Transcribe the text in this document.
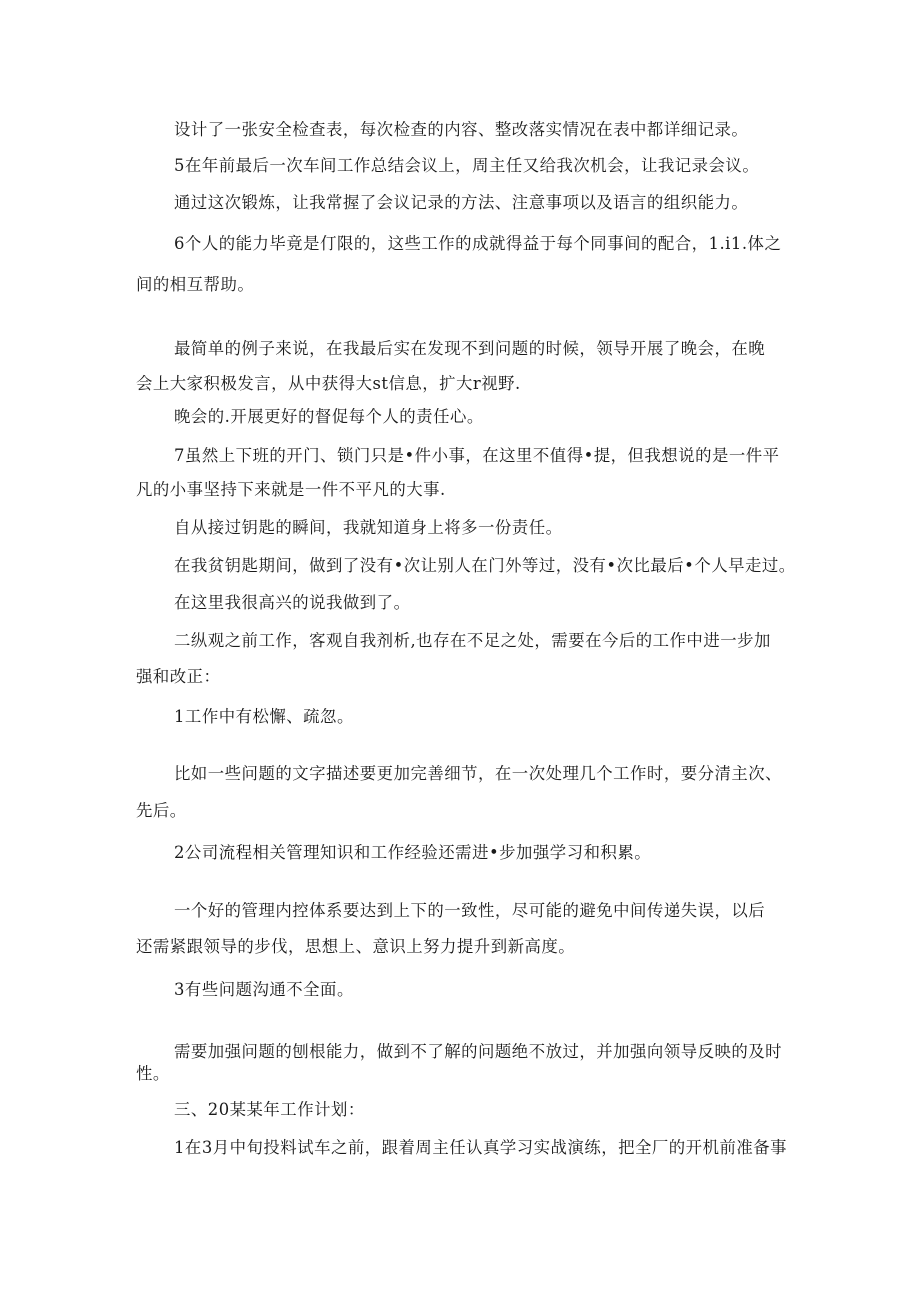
设计了一张安全检查表，每次检查的内容、整改落实情况在表中都详细记录。
5在年前最后一次车间工作总结会议上，周主任又给我次机会，让我记录会议。
通过这次锻炼，让我常握了会议记录的方法、注意事项以及语言的组织能力。
6个人的能力毕竟是仃限的，这些工作的成就得益于每个同事间的配合，1.i1.体之
间的相互帮助。
最简单的例子来说，在我最后实在发现不到问题的时候，领导开展了晚会，在晚
会上大家积极发言，从中获得大st信息，扩大r视野.
晚会的.开展更好的督促每个人的责任心。
7虽然上下班的开门、锁门只是•件小事，在这里不值得•提，但我想说的是一件平
凡的小事坚持下来就是一件不平凡的大事.
自从接过钥匙的瞬间，我就知道身上将多一份责任。
在我贫钥匙期间，做到了没有•次让别人在门外等过，没有•次比最后•个人早走过。
在这里我很高兴的说我做到了。
二纵观之前工作，客观自我剂析,也存在不足之处，需要在今后的工作中进一步加
强和改正：
1工作中有松懈、疏忽。
比如一些问题的文字描述要更加完善细节，在一次处理几个工作时，要分清主次、
先后。
2公司流程相关管理知识和工作经验还需进•步加强学习和积累。
一个好的管理内控体系要达到上下的一致性，尽可能的避免中间传递失误，以后
还需紧跟领导的步伐，思想上、意识上努力提升到新高度。
3有些问题沟通不全面。
需要加强问题的刨根能力，做到不了解的问题绝不放过，并加强向领导反映的及时
性。
三、20某某年工作计划：
1在3月中旬投料试车之前，跟着周主任认真学习实战演练，把全厂的开机前准备事
